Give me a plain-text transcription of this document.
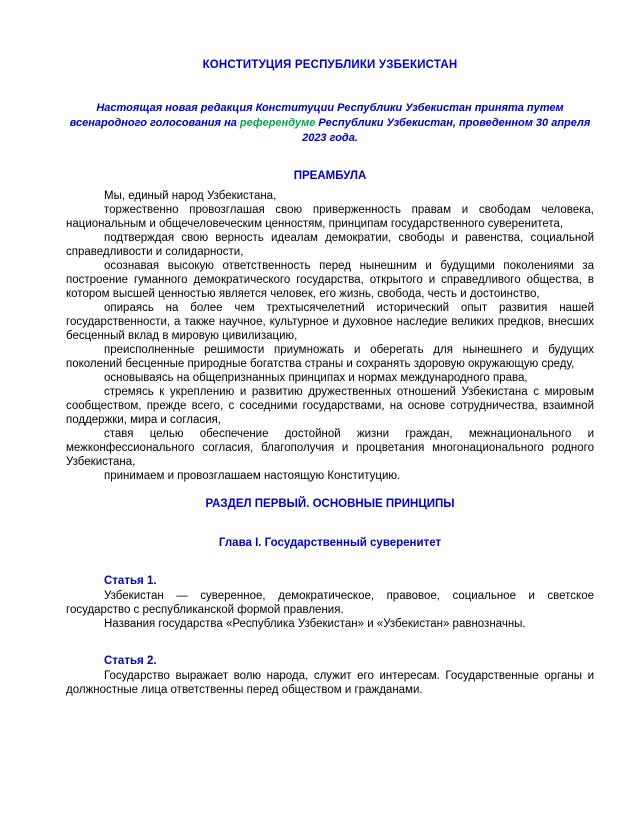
КОНСТИТУЦИЯ РЕСПУБЛИКИ УЗБЕКИСТАН

Настоящая новая редакция Конституции Республики Узбекистан принята путем всенародного голосования на референдуме Республики Узбекистан, проведенном 30 апреля 2023 года.

ПРЕАМБУЛА

Мы, единый народ Узбекистана,

торжественно провозглашая свою приверженность правам и свободам человека, национальным и общечеловеческим ценностям, принципам государственного суверенитета,

подтверждая свою верность идеалам демократии, свободы и равенства, социальной справедливости и солидарности,

осознавая высокую ответственность перед нынешним и будущими поколениями за построение гуманного демократического государства, открытого и справедливого общества, в котором высшей ценностью является человек, его жизнь, свобода, честь и достоинство,

опираясь на более чем трехтысячелетний исторический опыт развития нашей государственности, а также научное, культурное и духовное наследие великих предков, внесших бесценный вклад в мировую цивилизацию,

преисполненные решимости приумножать и оберегать для нынешнего и будущих поколений бесценные природные богатства страны и сохранять здоровую окружающую среду,

основываясь на общепризнанных принципах и нормах международного права,

стремясь к укреплению и развитию дружественных отношений Узбекистана с мировым сообществом, прежде всего, с соседними государствами, на основе сотрудничества, взаимной поддержки, мира и согласия,

ставя целью обеспечение достойной жизни граждан, межнационального и межконфессионального согласия, благополучия и процветания многонационального родного Узбекистана,

принимаем и провозглашаем настоящую Конституцию.

РАЗДЕЛ ПЕРВЫЙ. ОСНОВНЫЕ ПРИНЦИПЫ
Глава I. Государственный суверенитет

Статья 1.

Узбекистан — суверенное, демократическое, правовое, социальное и светское государство с республиканской формой правления.

Названия государства «Республика Узбекистан» и «Узбекистан» равнозначны.

Статья 2.

Государство выражает волю народа, служит его интересам. Государственные органы и должностные лица ответственны перед обществом и гражданами.
